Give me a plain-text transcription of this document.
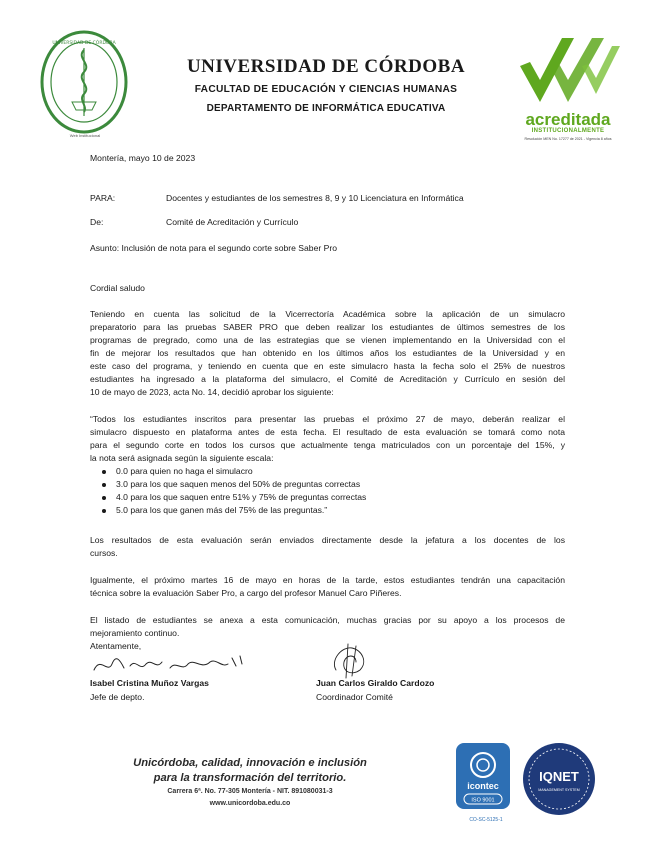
UNIVERSIDAD DE CÓRDOBA
Web Institucional
UNIVERSIDAD DE CÓRDOBA
FACULTAD DE EDUCACIÓN Y CIENCIAS HUMANAS
DEPARTAMENTO DE INFORMÁTICA EDUCATIVA
acreditada
INSTITUCIONALMENTE
Resolución MEN No. 17277 de 2021 - Vigencia 8 años
Montería, mayo 10 de 2023
PARA:	Docentes y estudiantes de los semestres 8, 9 y 10 Licenciatura en Informática
De:	Comité de Acreditación y Currículo
Asunto: Inclusión de nota para el segundo corte sobre Saber Pro
Cordial saludo
Teniendo en cuenta las solicitud de la Vicerrectoría Académica sobre la aplicación de un simulacro
preparatorio para las pruebas SABER PRO que deben realizar los estudiantes de últimos semestres de los
programas de pregrado, como una de las estrategias que se vienen implementando en la Universidad con el
fin de mejorar los resultados que han obtenido en los últimos años los estudiantes de la Universidad y en
este caso del programa, y teniendo en cuenta que en este simulacro hasta la fecha solo el 25% de nuestros
estudiantes ha ingresado a la plataforma del simulacro, el Comité de Acreditación y Currículo en sesión del
10 de mayo de 2023, acta No. 14, decidió aprobar los siguiente:
“Todos los estudiantes inscritos para presentar las pruebas el próximo 27 de mayo, deberán realizar el
simulacro dispuesto en plataforma antes de esta fecha. El resultado de esta evaluación se tomará como nota
para el segundo corte en todos los cursos que actualmente tenga matriculados con un porcentaje del 15%, y
la nota será asignada según la siguiente escala:
0.0 para quien no haga el simulacro
3.0 para los que saquen menos del 50% de preguntas correctas
4.0 para los que saquen entre 51% y 75% de preguntas correctas
5.0 para los que ganen más del 75% de las preguntas.”
Los resultados de esta evaluación serán enviados directamente desde la jefatura a los docentes de los
cursos.
Igualmente, el próximo martes 16 de mayo en horas de la tarde, estos estudiantes tendrán una capacitación
técnica sobre la evaluación Saber Pro, a cargo del profesor Manuel Caro Piñeres.
El listado de estudiantes se anexa a esta comunicación, muchas gracias por su apoyo a los procesos de
mejoramiento continuo.
Atentamente,
Isabel Cristina Muñoz Vargas
Jefe de depto.
Juan Carlos Giraldo Cardozo
Coordinador Comité
Unicórdoba, calidad, innovación e inclusión
para la transformación del territorio.
Carrera 6ª. No. 77-305 Montería - NIT. 891080031-3
www.unicordoba.edu.co
icontec
ISO 9001
IQNET
MANAGEMENT SYSTEM
CO-SC-5125-1
